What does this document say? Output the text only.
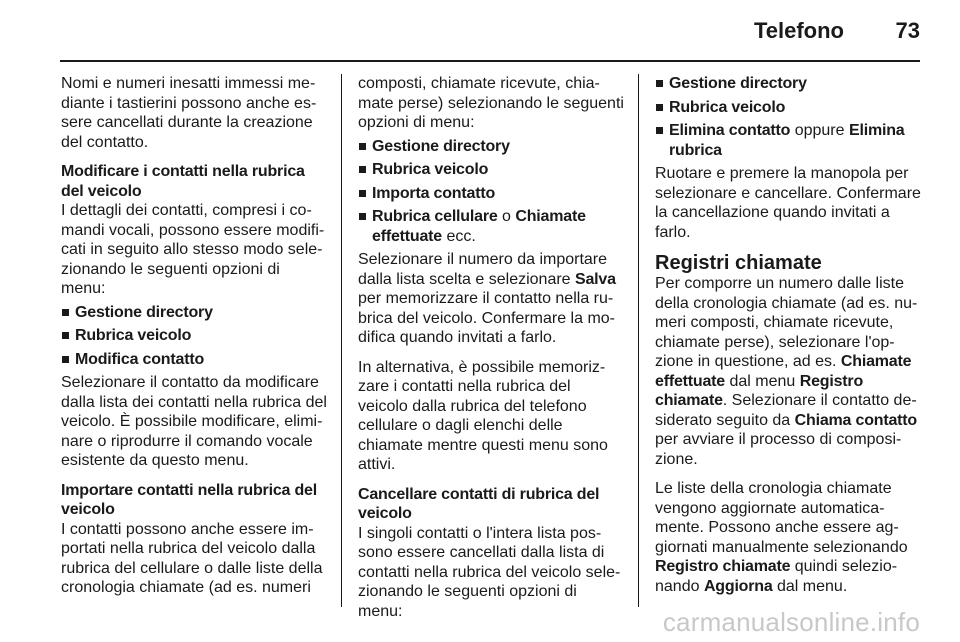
Telefono 73

Nomi e numeri inesatti immessi me-diante i tastierini possono anche es-sere cancellati durante la creazione del contatto.

Modificare i contatti nella rubrica del veicolo

I dettagli dei contatti, compresi i co-mandi vocali, possono essere modifi-cati in seguito allo stesso modo sele-zionando le seguenti opzioni di menu:

Gestione directory
Rubrica veicolo
Modifica contatto

Selezionare il contatto da modificare dalla lista dei contatti nella rubrica del veicolo. È possibile modificare, elimi-nare o riprodurre il comando vocale esistente da questo menu.

Importare contatti nella rubrica del veicolo

I contatti possono anche essere im-portati nella rubrica del veicolo dalla rubrica del cellulare o dalle liste della cronologia chiamate (ad es. numeri

composti, chiamate ricevute, chia-mate perse) selezionando le seguenti opzioni di menu:

Gestione directory
Rubrica veicolo
Importa contatto
Rubrica cellulare o Chiamate effettuate ecc.

Selezionare il numero da importare dalla lista scelta e selezionare Salva per memorizzare il contatto nella ru-brica del veicolo. Confermare la mo-difica quando invitati a farlo.

In alternativa, è possibile memoriz-zare i contatti nella rubrica del veicolo dalla rubrica del telefono cellulare o dagli elenchi delle chiamate mentre questi menu sono attivi.

Cancellare contatti di rubrica del veicolo

I singoli contatti o l'intera lista pos-sono essere cancellati dalla lista di contatti nella rubrica del veicolo sele-zionando le seguenti opzioni di menu:

Gestione directory
Rubrica veicolo
Elimina contatto oppure Elimina rubrica

Ruotare e premere la manopola per selezionare e cancellare. Confermare la cancellazione quando invitati a farlo.

Registri chiamate

Per comporre un numero dalle liste della cronologia chiamate (ad es. nu-meri composti, chiamate ricevute, chiamate perse), selezionare l'op-zione in questione, ad es. Chiamate effettuate dal menu Registro chiamate. Selezionare il contatto de-siderato seguito da Chiama contatto per avviare il processo di composi-zione.

Le liste della cronologia chiamate vengono aggiornate automatica-mente. Possono anche essere ag-giornati manualmente selezionando Registro chiamate quindi selezio-nando Aggiorna dal menu.

carmanualsonline.info
